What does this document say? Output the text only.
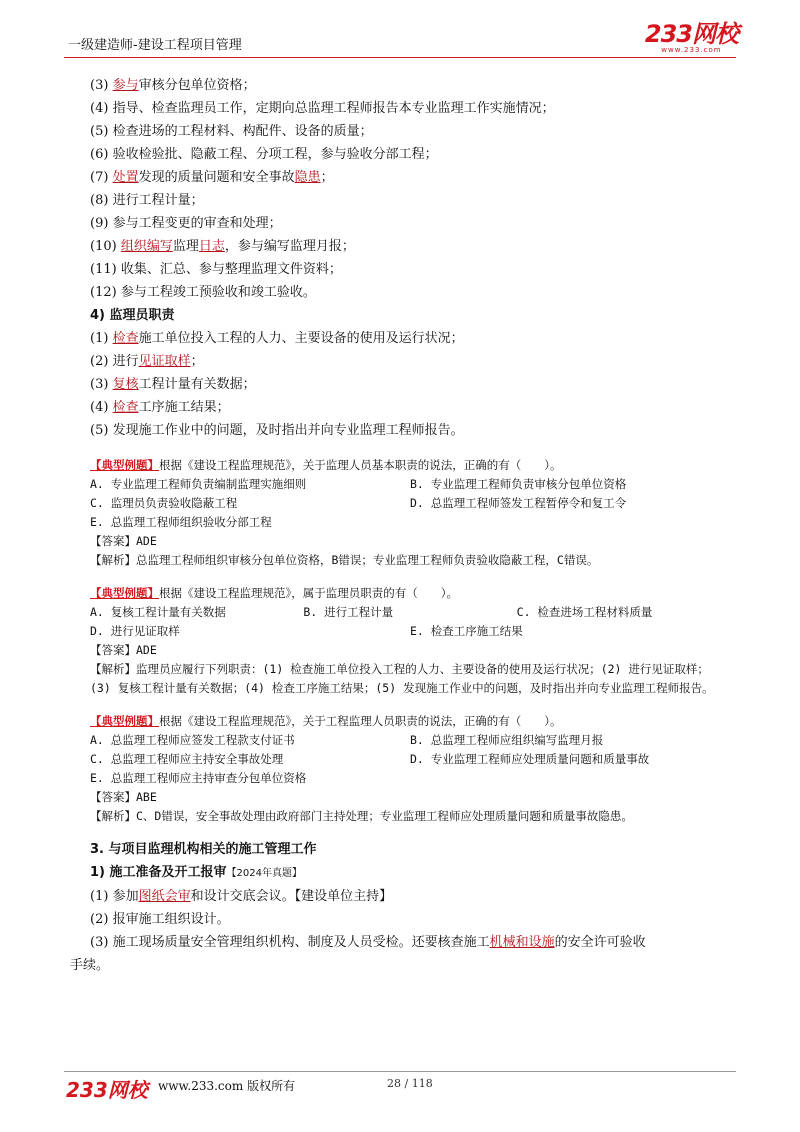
一级建造师-建设工程项目管理	233网校
www.233.com
(3) 参与审核分包单位资格；
(4) 指导、检查监理员工作，定期向总监理工程师报告本专业监理工作实施情况；
(5) 检查进场的工程材料、构配件、设备的质量；
(6) 验收检验批、隐蔽工程、分项工程，参与验收分部工程；
(7) 处置发现的质量问题和安全事故隐患；
(8) 进行工程计量；
(9) 参与工程变更的审查和处理；
(10) 组织编写监理日志，参与编写监理月报；
(11) 收集、汇总、参与整理监理文件资料；
(12) 参与工程竣工预验收和竣工验收。
4) 监理员职责
(1) 检查施工单位投入工程的人力、主要设备的使用及运行状况；
(2) 进行见证取样；
(3) 复核工程计量有关数据；
(4) 检查工序施工结果；
(5) 发现施工作业中的问题，及时指出并向专业监理工程师报告。
【典型例题】 根据《建设工程监理规范》，关于监理人员基本职责的说法，正确的有（　　）。
A. 专业监理工程师负责编制监理实施细则	B. 专业监理工程师负责审核分包单位资格
C. 监理员负责验收隐蔽工程	D. 总监理工程师签发工程暂停令和复工令
E. 总监理工程师组织验收分部工程
【答案】ADE
【解析】总监理工程师组织审核分包单位资格，B错误；专业监理工程师负责验收隐蔽工程，C错误。
【典型例题】 根据《建设工程监理规范》，属于监理员职责的有（　　）。
A. 复核工程计量有关数据	B. 进行工程计量	C. 检查进场工程材料质量
D. 进行见证取样	E. 检查工序施工结果
【答案】ADE
【解析】监理员应履行下列职责：(1) 检查施工单位投入工程的人力、主要设备的使用及运行状况；(2) 进行见证取样；(3) 复核工程计量有关数据；(4) 检查工序施工结果；(5) 发现施工作业中的问题，及时指出并向专业监理工程师报告。
【典型例题】 根据《建设工程监理规范》，关于工程监理人员职责的说法，正确的有（　　）。
A. 总监理工程师应签发工程款支付证书	B. 总监理工程师应组织编写监理月报
C. 总监理工程师应主持安全事故处理	D. 专业监理工程师应处理质量问题和质量事故
E. 总监理工程师应主持审查分包单位资格
【答案】ABE
【解析】C、D错误，安全事故处理由政府部门主持处理；专业监理工程师应处理质量问题和质量事故隐患。
3. 与项目监理机构相关的施工管理工作
1) 施工准备及开工报审【2024年真题】
(1) 参加图纸会审和设计交底会议。【建设单位主持】
(2) 报审施工组织设计。
(3) 施工现场质量安全管理组织机构、制度及人员受检。还要核查施工机械和设施的安全许可验收
手续。
233网校 www.233.com 版权所有	28 / 118
